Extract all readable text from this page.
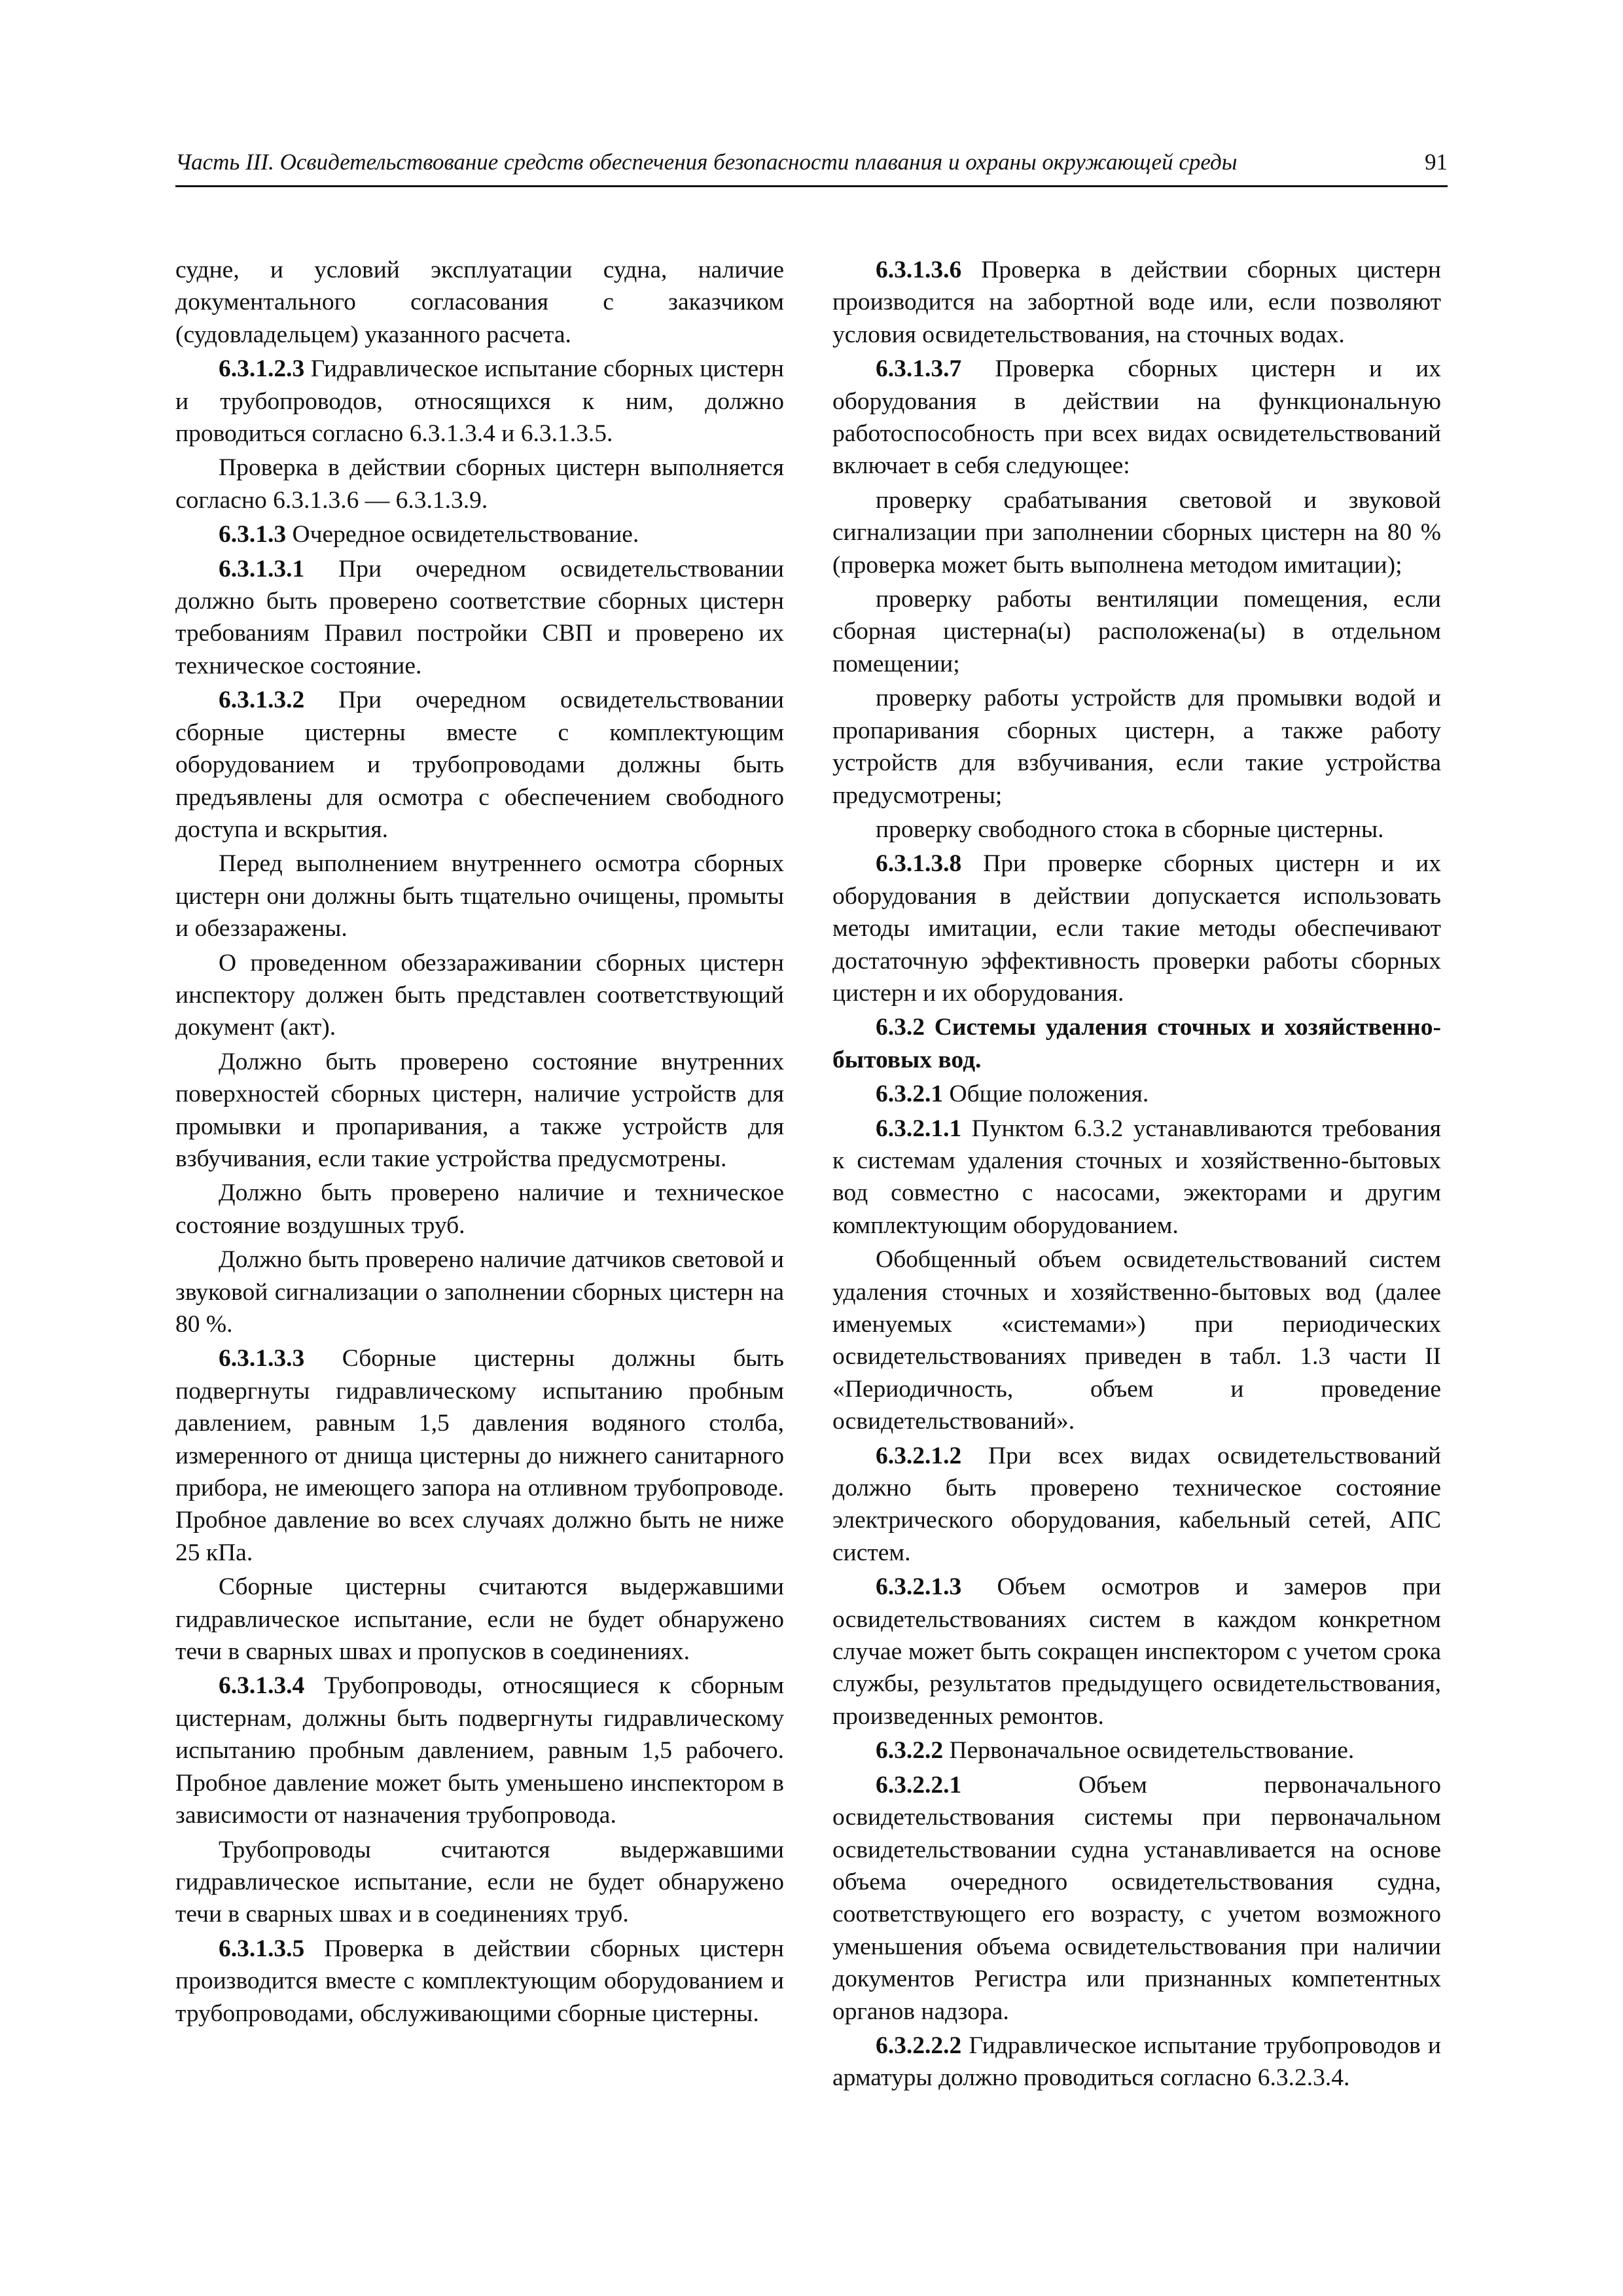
Часть III. Освидетельствование средств обеспечения безопасности плавания и охраны окружающей среды	91

судне, и условий эксплуатации судна, наличие документального согласования с заказчиком (судовладельцем) указанного расчета.

6.3.1.2.3 Гидравлическое испытание сборных цистерн и трубопроводов, относящихся к ним, должно проводиться согласно 6.3.1.3.4 и 6.3.1.3.5.

Проверка в действии сборных цистерн выполняется согласно 6.3.1.3.6 — 6.3.1.3.9.

6.3.1.3 Очередное освидетельствование.

6.3.1.3.1 При очередном освидетельствовании должно быть проверено соответствие сборных цистерн требованиям Правил постройки СВП и проверено их техническое состояние.

6.3.1.3.2 При очередном освидетельствовании сборные цистерны вместе с комплектующим оборудованием и трубопроводами должны быть предъявлены для осмотра с обеспечением свободного доступа и вскрытия.

Перед выполнением внутреннего осмотра сборных цистерн они должны быть тщательно очищены, промыты и обеззаражены.

О проведенном обеззараживании сборных цистерн инспектору должен быть представлен соответствующий документ (акт).

Должно быть проверено состояние внутренних поверхностей сборных цистерн, наличие устройств для промывки и пропаривания, а также устройств для взбучивания, если такие устройства предусмотрены.

Должно быть проверено наличие и техническое состояние воздушных труб.

Должно быть проверено наличие датчиков световой и звуковой сигнализации о заполнении сборных цистерн на 80 %.

6.3.1.3.3 Сборные цистерны должны быть подвергнуты гидравлическому испытанию пробным давлением, равным 1,5 давления водяного столба, измеренного от днища цистерны до нижнего санитарного прибора, не имеющего запора на отливном трубопроводе. Пробное давление во всех случаях должно быть не ниже 25 кПа.

Сборные цистерны считаются выдержавшими гидравлическое испытание, если не будет обнаружено течи в сварных швах и пропусков в соединениях.

6.3.1.3.4 Трубопроводы, относящиеся к сборным цистернам, должны быть подвергнуты гидравлическому испытанию пробным давлением, равным 1,5 рабочего. Пробное давление может быть уменьшено инспектором в зависимости от назначения трубопровода.

Трубопроводы считаются выдержавшими гидравлическое испытание, если не будет обнаружено течи в сварных швах и в соединениях труб.

6.3.1.3.5 Проверка в действии сборных цистерн производится вместе с комплектующим оборудованием и трубопроводами, обслуживающими сборные цистерны.

6.3.1.3.6 Проверка в действии сборных цистерн производится на забортной воде или, если позволяют условия освидетельствования, на сточных водах.

6.3.1.3.7 Проверка сборных цистерн и их оборудования в действии на функциональную работоспособность при всех видах освидетельствований включает в себя следующее:

проверку срабатывания световой и звуковой сигнализации при заполнении сборных цистерн на 80 % (проверка может быть выполнена методом имитации);

проверку работы вентиляции помещения, если сборная цистерна(ы) расположена(ы) в отдельном помещении;

проверку работы устройств для промывки водой и пропаривания сборных цистерн, а также работу устройств для взбучивания, если такие устройства предусмотрены;

проверку свободного стока в сборные цистерны.

6.3.1.3.8 При проверке сборных цистерн и их оборудования в действии допускается использовать методы имитации, если такие методы обеспечивают достаточную эффективность проверки работы сборных цистерн и их оборудования.

6.3.2 Системы удаления сточных и хозяйственно-бытовых вод.

6.3.2.1 Общие положения.

6.3.2.1.1 Пунктом 6.3.2 устанавливаются требования к системам удаления сточных и хозяйственно-бытовых вод совместно с насосами, эжекторами и другим комплектующим оборудованием.

Обобщенный объем освидетельствований систем удаления сточных и хозяйственно-бытовых вод (далее именуемых «системами») при периодических освидетельствованиях приведен в табл. 1.3 части II «Периодичность, объем и проведение освидетельствований».

6.3.2.1.2 При всех видах освидетельствований должно быть проверено техническое состояние электрического оборудования, кабельный сетей, АПС систем.

6.3.2.1.3 Объем осмотров и замеров при освидетельствованиях систем в каждом конкретном случае может быть сокращен инспектором с учетом срока службы, результатов предыдущего освидетельствования, произведенных ремонтов.

6.3.2.2 Первоначальное освидетельствование.

6.3.2.2.1 Объем первоначального освидетельствования системы при первоначальном освидетельствовании судна устанавливается на основе объема очередного освидетельствования судна, соответствующего его возрасту, с учетом возможного уменьшения объема освидетельствования при наличии документов Регистра или признанных компетентных органов надзора.

6.3.2.2.2 Гидравлическое испытание трубопроводов и арматуры должно проводиться согласно 6.3.2.3.4.
